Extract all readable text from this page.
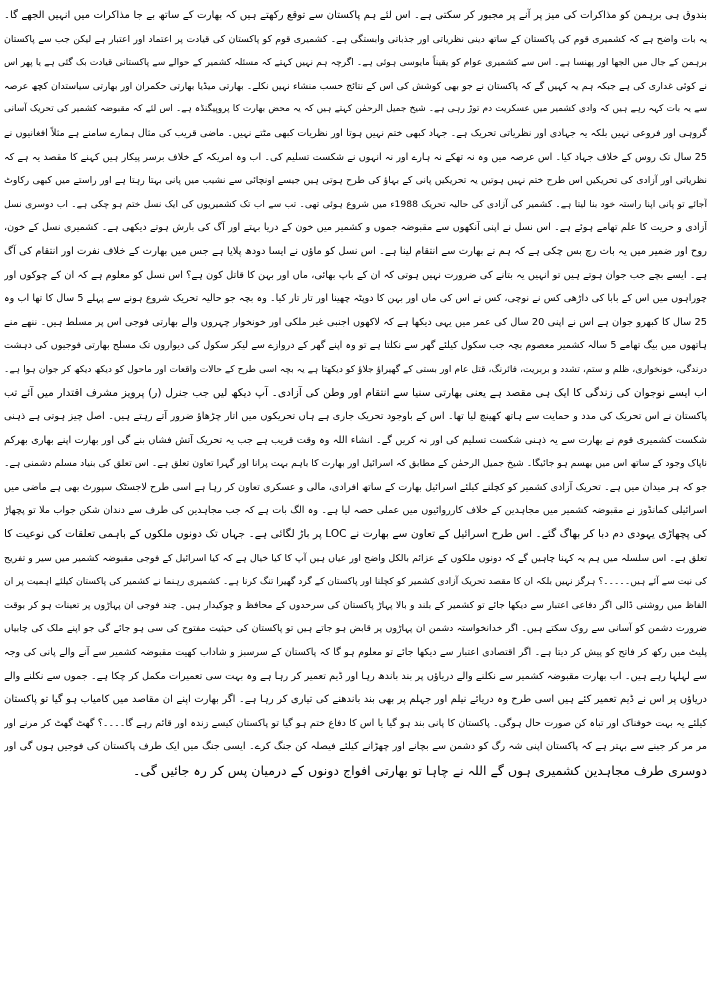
بندوق ہی برہمن کو مذاکرات کی میز پر آنے پر مجبور کر سکتی ہے۔ اس لئے ہم پاکستان سے توقع رکھتے ہیں کہ بھارت کے ساتھ بے جا مذاکرات میں انہیں الجھے گا۔
یہ بات واضح ہے کہ کشمیری قوم کی پاکستان کے ساتھ دینی نظریاتی اور جذباتی وابستگی ہے۔ کشمیری قوم کو پاکستان کی قیادت پر اعتماد اور اعتبار ہے لیکن جب سے پاکستان
برہمن کے جال میں الجھا اور پھنسا ہے۔ اس سے کشمیری عوام کو یقیناً مایوسی ہوئی ہے۔ اگرچہ ہم نہیں کہتے کہ مسئلہ کشمیر کے حوالے سے پاکستانی قیادت بک گئی ہے یا پھر اس
نے کوئی غداری کی ہے جبکہ ہم یہ کہیں گے کہ پاکستان نے جو بھی کوشش کی اس کے نتائج حسب منشاء نہیں نکلے۔ بھارتی میڈیا بھارتی حکمران اور بھارتی سیاستدان کچھ عرصہ
سے یہ بات کہہ رہے ہیں کہ وادی کشمیر میں عسکریت دم توڑ رہی ہے۔ شیخ جمیل الرحمٰن کہتے ہیں کہ یہ محض بھارت کا پروپیگنڈہ ہے۔ اس لئے کہ مقبوضہ کشمیر کی تحریک آسانی
گروہی اور فروعی نہیں بلکہ یہ جہادی اور نظریاتی تحریک ہے۔ جہاد کبھی ختم نہیں ہوتا اور نظریات کبھی مٹتے نہیں۔ ماضی قریب کی مثال ہمارے سامنے ہے مثلاً افغانیوں نے
25 سال تک روس کے خلاف جہاد کیا۔ اس عرصہ میں وہ نہ تھکے نہ ہارے اور نہ انہوں نے شکست تسلیم کی۔ اب وہ امریکہ کے خلاف برسر پیکار ہیں کہنے کا مقصد یہ ہے کہ
نظریاتی اور آزادی کی تحریکیں اس طرح ختم نہیں ہوتیں یہ تحریکیں پانی کے بہاؤ کی طرح ہوتی ہیں جیسے اونچائی سے نشیب میں پانی بہتا رہتا ہے اور راستے میں کبھی رکاوٹ
آجائے تو پانی اپنا راستہ خود بنا لیتا ہے۔ کشمیر کی آزادی کی حالیہ تحریک 1988ء میں شروع ہوئی تھی۔ تب سے اب تک کشمیریوں کی ایک نسل ختم ہو چکی ہے۔ اب دوسری نسل
آزادی و حریت کا علم تھامے ہوئے ہے۔ اس نسل نے اپنی آنکھوں سے مقبوضہ جموں و کشمیر میں خون کے دریا بہتے اور آگ کی بارش ہوتے دیکھی ہے۔ کشمیری نسل کے خون،
روح اور ضمیر میں یہ بات رچ بس چکی ہے کہ ہم نے بھارت سے انتقام لینا ہے۔ اس نسل کو ماؤں نے ایسا دودھ پلایا ہے جس میں بھارت کے خلاف نفرت اور انتقام کی آگ
ہے۔ ایسے بچے جب جوان ہوتے ہیں تو انہیں یہ بتانے کی ضرورت نہیں ہوتی کہ ان کے باپ بھائی، ماں اور بہن کا قاتل کون ہے؟ اس نسل کو معلوم ہے کہ ان کے چوکوں اور
چوراہوں میں اس کے بابا کی داڑھی کس نے نوچی، کس نے اس کی ماں اور بہن کا دوپٹہ چھینا اور تار تار کیا۔ وہ بچہ جو حالیہ تحریک شروع ہونے سے پہلے 5 سال کا تھا اب وہ
25 سال کا کبھرو جوان ہے اس نے اپنی 20 سال کی عمر میں یہی دیکھا ہے کہ لاکھوں اجنبی غیر ملکی اور خونخوار چہروں والے بھارتی فوجی اس پر مسلط ہیں۔ ننھے منے
ہاتھوں میں بیگ تھامے 5 سالہ کشمیر معصوم بچہ جب سکول کیلئے گھر سے نکلتا ہے تو وہ اپنے گھر کے دروازے سے لیکر سکول کی دیواروں تک مسلح بھارتی فوجیوں کی دہشت
درندگی، خونخواری، ظلم و ستم، تشدد و بربریت، فائرنگ، قتل عام اور بستی کے گھیراؤ جلاؤ کو دیکھتا ہے یہ بچہ اسی طرح کے حالات واقعات اور ماحول کو دیکھ دیکھ کر جوان ہوا ہے۔
اب ایسے نوجوان کی زندگی کا ایک ہی مقصد ہے یعنی بھارتی سنیا سے انتقام اور وطن کی آزادی۔ آپ دیکھ لیں جب جنرل (ر) پرویز مشرف اقتدار میں آئے تب
پاکستان نے اس تحریک کی مدد و حمایت سے ہاتھ کھینچ لیا تھا۔ اس کے باوجود تحریک جاری ہے ہاں تحریکوں میں اتار چڑھاؤ ضرور آتے رہتے ہیں۔ اصل چیز ہوتی ہے ذہنی
شکست کشمیری قوم نے بھارت سے یہ ذہنی شکست تسلیم کی اور نہ کریں گے۔ انشاء اللہ وہ وقت قریب ہے جب یہ تحریک آتش فشاں بنے گی اور بھارت اپنے بھاری بھرکم
ناپاک وجود کے ساتھ اس میں بھسم ہو جائیگا۔ شیخ جمیل الرحمٰن کے مطابق کہ اسرائیل اور بھارت کا باہم بہت پرانا اور گہرا تعاون تعلق ہے۔ اس تعلق کی بنیاد مسلم دشمنی ہے۔
جو کہ ہر میدان میں ہے۔ تحریک آزادی کشمیر کو کچلنے کیلئے اسرائیل بھارت کے ساتھ افرادی، مالی و عسکری تعاون کر رہا ہے اسی طرح لاجسٹک سپورٹ بھی ہے ماضی میں
اسرائیلی کمانڈوز نے مقبوضہ کشمیر میں مجاہدین کے خلاف کارروائیوں میں عملی حصہ لیا ہے۔ وہ الگ بات ہے کہ جب مجاہدین کی طرف سے دندان شکن جواب ملا تو پچھاڑ
کی پچھاڑی یہودی دم دبا کر بھاگ گئے۔ اس طرح اسرائیل کے تعاون سے بھارت نے LOC پر باڑ لگائی ہے۔ جہاں تک دونوں ملکوں کے باہمی تعلقات کی نوعیت کا
تعلق ہے۔ اس سلسلہ میں ہم یہ کہنا چاہیں گے کہ دونوں ملکوں کے عزائم بالکل واضح اور عیاں ہیں آپ کا کیا خیال ہے کہ کیا اسرائیل کے فوجی مقبوضہ کشمیر میں سیر و تفریح
کی نیت سے آئے ہیں۔۔۔۔۔؟ ہرگز نہیں بلکہ ان کا مقصد تحریک آزادی کشمیر کو کچلنا اور پاکستان کے گرد گھیرا تنگ کرنا ہے۔ کشمیری رہنما نے کشمیر کی پاکستان کیلئے اہمیت پر ان
الفاظ میں روشنی ڈالی اگر دفاعی اعتبار سے دیکھا جائے تو کشمیر کے بلند و بالا پہاڑ پاکستان کی سرحدوں کے محافظ و چوکیدار ہیں۔ چند فوجی ان پہاڑوں پر تعینات ہو کر بوقت
ضرورت دشمن کو آسانی سے روک سکتے ہیں۔ اگر خدانخواستہ دشمن ان پہاڑوں پر قابض ہو جاتے ہیں تو پاکستان کی حیثیت مفتوح کی سی ہو جائے گی جو اپنے ملک کی چابیاں
پلیٹ میں رکھ کر فاتح کو پیش کر دیتا ہے۔ اگر اقتصادی اعتبار سے دیکھا جائے تو معلوم ہو گا کہ پاکستان کے سرسبز و شاداب کھیت مقبوضہ کشمیر سے آنے والے پانی کی وجہ
سے لہلہا رہے ہیں۔ اب بھارت مقبوضہ کشمیر سے نکلنے والے دریاؤں پر بند باندھ رہا اور ڈیم تعمیر کر رہا ہے وہ بہت سی تعمیرات مکمل کر چکا ہے۔ جموں سے نکلنے والے
دریاؤں پر اس نے ڈیم تعمیر کئے ہیں اسی طرح وہ دریائے نیلم اور جہلم پر بھی بند باندھنے کی تیاری کر رہا ہے۔ اگر بھارت اپنے ان مقاصد میں کامیاب ہو گیا تو پاکستان
کیلئے یہ بہت خوفناک اور تباہ کن صورت حال ہوگی۔ پاکستان کا پانی بند ہو گیا یا اس کا دفاع ختم ہو گیا تو پاکستان کیسے زندہ اور قائم رہے گا۔۔۔۔؟ گھٹ گھٹ کر مرنے اور
مر مر کر جینے سے بہتر ہے کہ پاکستان اپنی شہ رگ کو دشمن سے بچانے اور چھڑانے کیلئے فیصلہ کن جنگ کرے۔ ایسی جنگ میں ایک طرف پاکستان کی فوجیں ہوں گی اور
دوسری طرف مجاہدین کشمیری ہوں گے اللہ نے چاہا تو بھارتی افواج دونوں کے درمیان پس کر رہ جائیں گی۔
